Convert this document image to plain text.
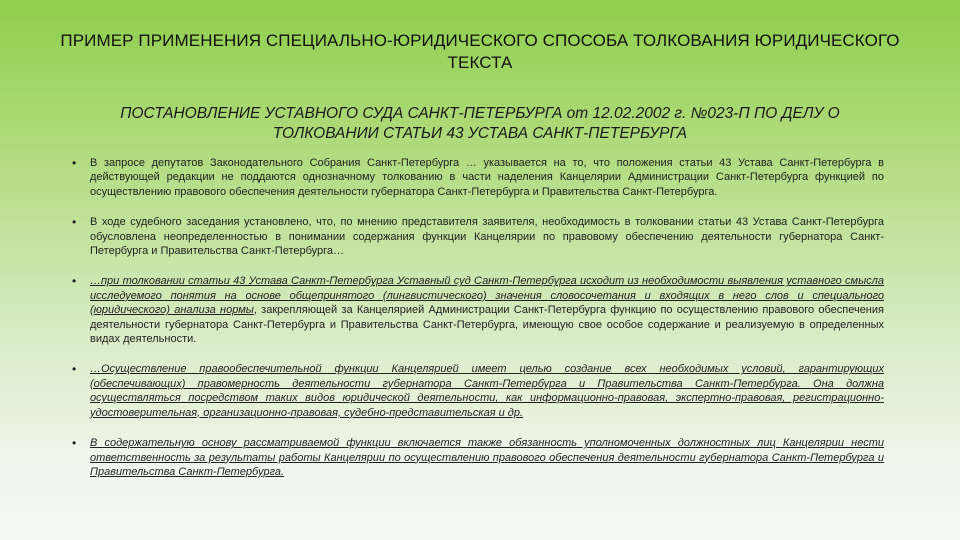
ПРИМЕР ПРИМЕНЕНИЯ СПЕЦИАЛЬНО-ЮРИДИЧЕСКОГО СПОСОБА ТОЛКОВАНИЯ ЮРИДИЧЕСКОГО ТЕКСТА
ПОСТАНОВЛЕНИЕ УСТАВНОГО СУДА САНКТ-ПЕТЕРБУРГА от 12.02.2002 г. №023-П ПО ДЕЛУ О ТОЛКОВАНИИ СТАТЬИ 43 УСТАВА САНКТ-ПЕТЕРБУРГА
• В запросе депутатов Законодательного Собрания Санкт-Петербурга … указывается на то, что положения статьи 43 Устава Санкт-Петербурга в действующей редакции не поддаются однозначному толкованию в части наделения Канцелярии Администрации Санкт-Петербурга функцией по осуществлению правового обеспечения деятельности губернатора Санкт-Петербурга и Правительства Санкт-Петербурга.
• В ходе судебного заседания установлено, что, по мнению представителя заявителя, необходимость в толковании статьи 43 Устава Санкт-Петербурга обусловлена неопределенностью в понимании содержания функции Канцелярии по правовому обеспечению деятельности губернатора Санкт-Петербурга и Правительства Санкт-Петербурга…
• …при толковании статьи 43 Устава Санкт-Петербурга Уставный суд Санкт-Петербурга исходит из необходимости выявления уставного смысла исследуемого понятия на основе общепринятого (лингвистического) значения словосочетания и входящих в него слов и специального (юридического) анализа нормы, закрепляющей за Канцелярией Администрации Санкт-Петербурга функцию по осуществлению правового обеспечения деятельности губернатора Санкт-Петербурга и Правительства Санкт-Петербурга, имеющую свое особое содержание и реализуемую в определенных видах деятельности.
• …Осуществление правообеспечительной функции Канцелярией имеет целью создание всех необходимых условий, гарантирующих (обеспечивающих) правомерность деятельности губернатора Санкт-Петербурга и Правительства Санкт-Петербурга. Она должна осуществляться посредством таких видов юридической деятельности, как информационно-правовая, экспертно-правовая, регистрационно-удостоверительная, организационно-правовая, судебно-представительская и др.
• В содержательную основу рассматриваемой функции включается также обязанность уполномоченных должностных лиц Канцелярии нести ответственность за результаты работы Канцелярии по осуществлению правового обеспечения деятельности губернатора Санкт-Петербурга и Правительства Санкт-Петербурга.
